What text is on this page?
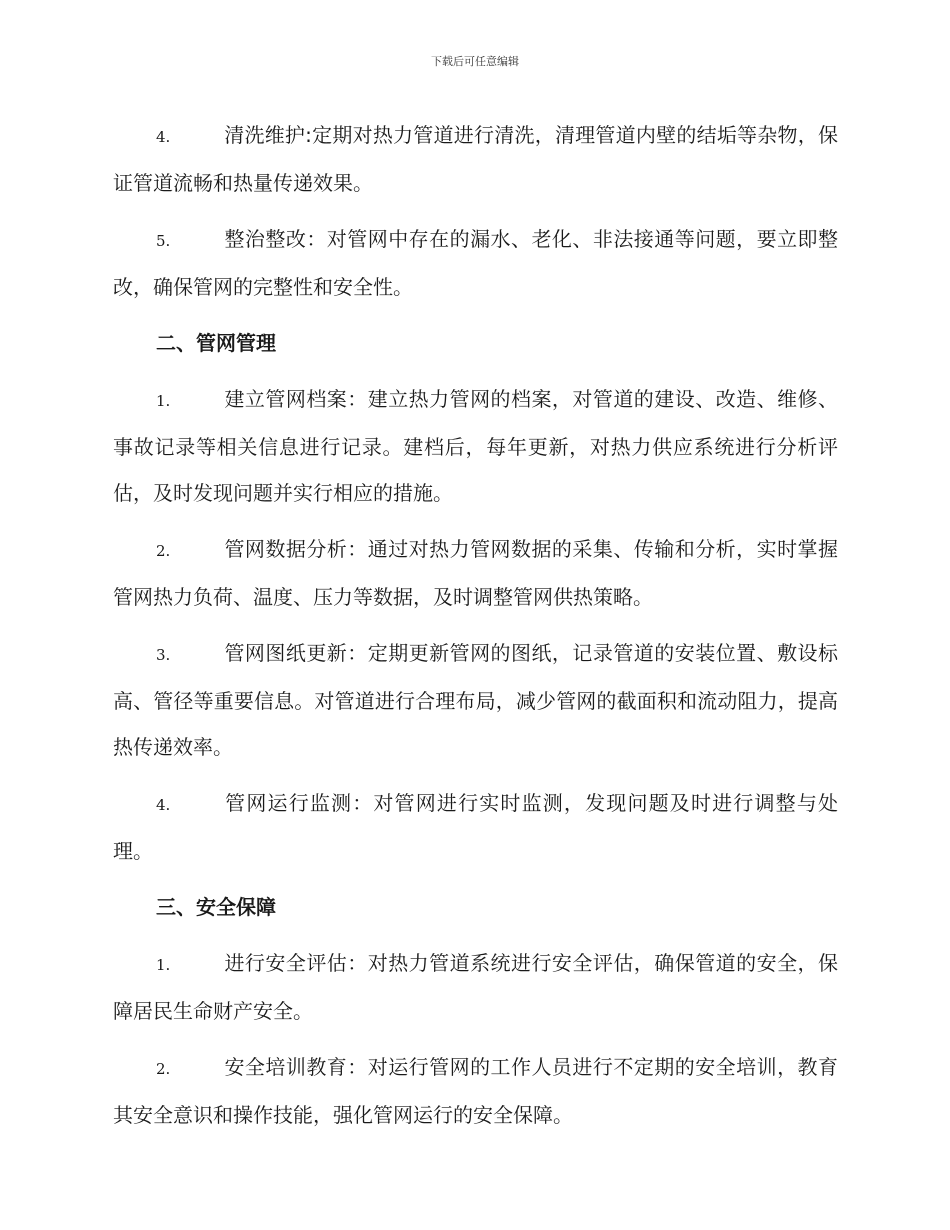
下载后可任意编辑

4.	清洗维护:定期对热力管道进行清洗，清理管道内壁的结垢等杂物，保证管道流畅和热量传递效果。

5.	整治整改：对管网中存在的漏水、老化、非法接通等问题，要立即整改，确保管网的完整性和安全性。

二、管网管理

1.	建立管网档案：建立热力管网的档案，对管道的建设、改造、维修、事故记录等相关信息进行记录。建档后，每年更新，对热力供应系统进行分析评估，及时发现问题并实行相应的措施。

2.	管网数据分析：通过对热力管网数据的采集、传输和分析，实时掌握管网热力负荷、温度、压力等数据，及时调整管网供热策略。

3.	管网图纸更新：定期更新管网的图纸，记录管道的安装位置、敷设标高、管径等重要信息。对管道进行合理布局，减少管网的截面积和流动阻力，提高热传递效率。

4.	管网运行监测：对管网进行实时监测，发现问题及时进行调整与处理。

三、安全保障

1.	进行安全评估：对热力管道系统进行安全评估，确保管道的安全，保障居民生命财产安全。

2.	安全培训教育：对运行管网的工作人员进行不定期的安全培训，教育其安全意识和操作技能，强化管网运行的安全保障。
